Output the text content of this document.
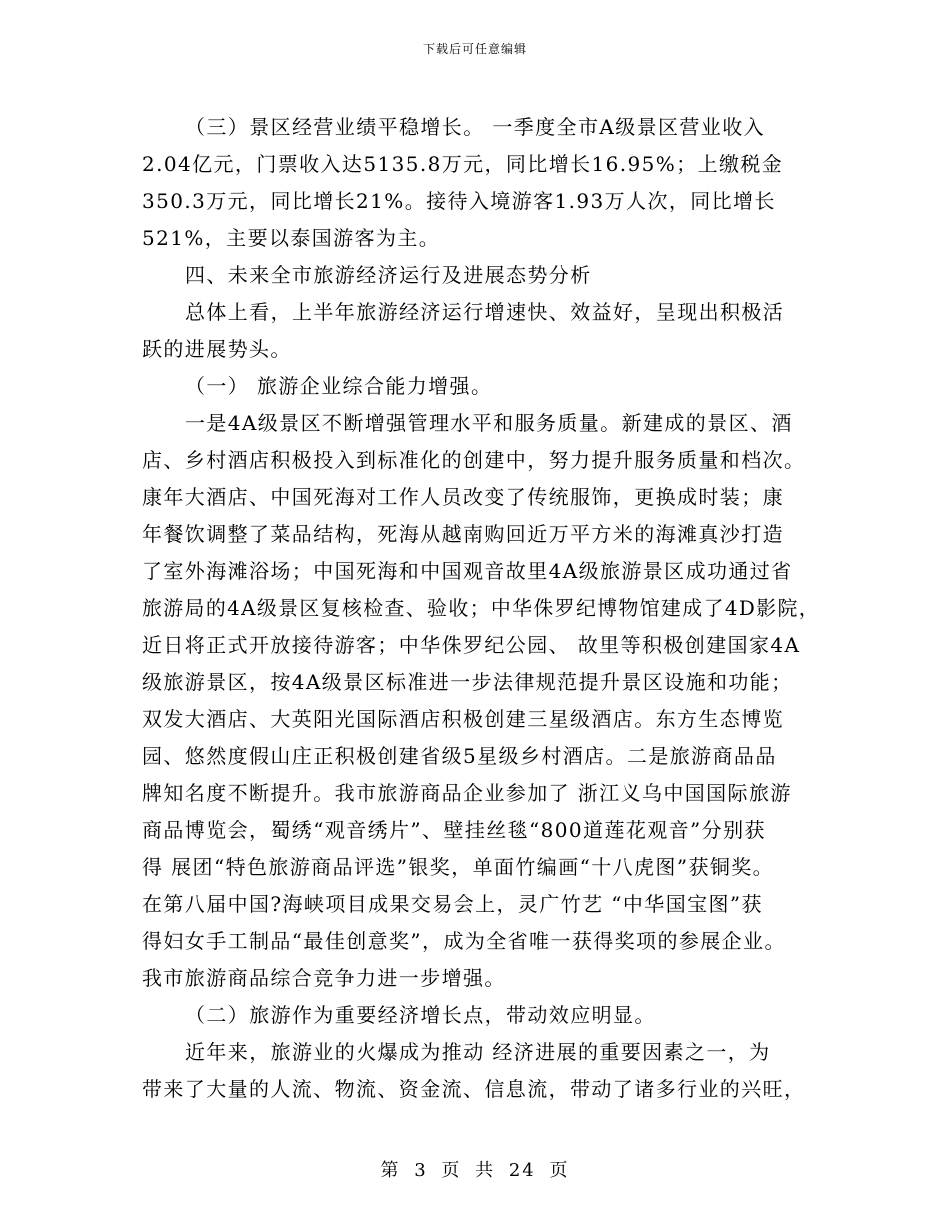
下载后可任意编辑
（三）景区经营业绩平稳增长。 一季度全市A级景区营业收入
2.04亿元，门票收入达5135.8万元，同比增长16.95%；上缴税金
350.3万元，同比增长21%。接待入境游客1.93万人次，同比增长
521%，主要以泰国游客为主。
四、未来全市旅游经济运行及进展态势分析
总体上看，上半年旅游经济运行增速快、效益好，呈现出积极活
跃的进展势头。
（一） 旅游企业综合能力增强。
一是4A级景区不断增强管理水平和服务质量。新建成的景区、酒
店、乡村酒店积极投入到标准化的创建中，努力提升服务质量和档次。
康年大酒店、中国死海对工作人员改变了传统服饰，更换成时装；康
年餐饮调整了菜品结构，死海从越南购回近万平方米的海滩真沙打造
了室外海滩浴场；中国死海和中国观音故里4A级旅游景区成功通过省
旅游局的4A级景区复核检查、验收；中华侏罗纪博物馆建成了4D影院，
近日将正式开放接待游客；中华侏罗纪公园、 故里等积极创建国家4A
级旅游景区，按4A级景区标准进一步法律规范提升景区设施和功能；
双发大酒店、大英阳光国际酒店积极创建三星级酒店。东方生态博览
园、悠然度假山庄正积极创建省级5星级乡村酒店。二是旅游商品品
牌知名度不断提升。我市旅游商品企业参加了 浙江义乌中国国际旅游
商品博览会，蜀绣“观音绣片”、壁挂丝毯“800道莲花观音”分别获
得 展团“特色旅游商品评选”银奖，单面竹编画“十八虎图”获铜奖。
在第八届中国?海峡项目成果交易会上，灵广竹艺 “中华国宝图”获
得妇女手工制品“最佳创意奖”，成为全省唯一获得奖项的参展企业。
我市旅游商品综合竞争力进一步增强。
（二）旅游作为重要经济增长点，带动效应明显。
近年来，旅游业的火爆成为推动 经济进展的重要因素之一，为
带来了大量的人流、物流、资金流、信息流，带动了诸多行业的兴旺，
第 3 页 共 24 页
